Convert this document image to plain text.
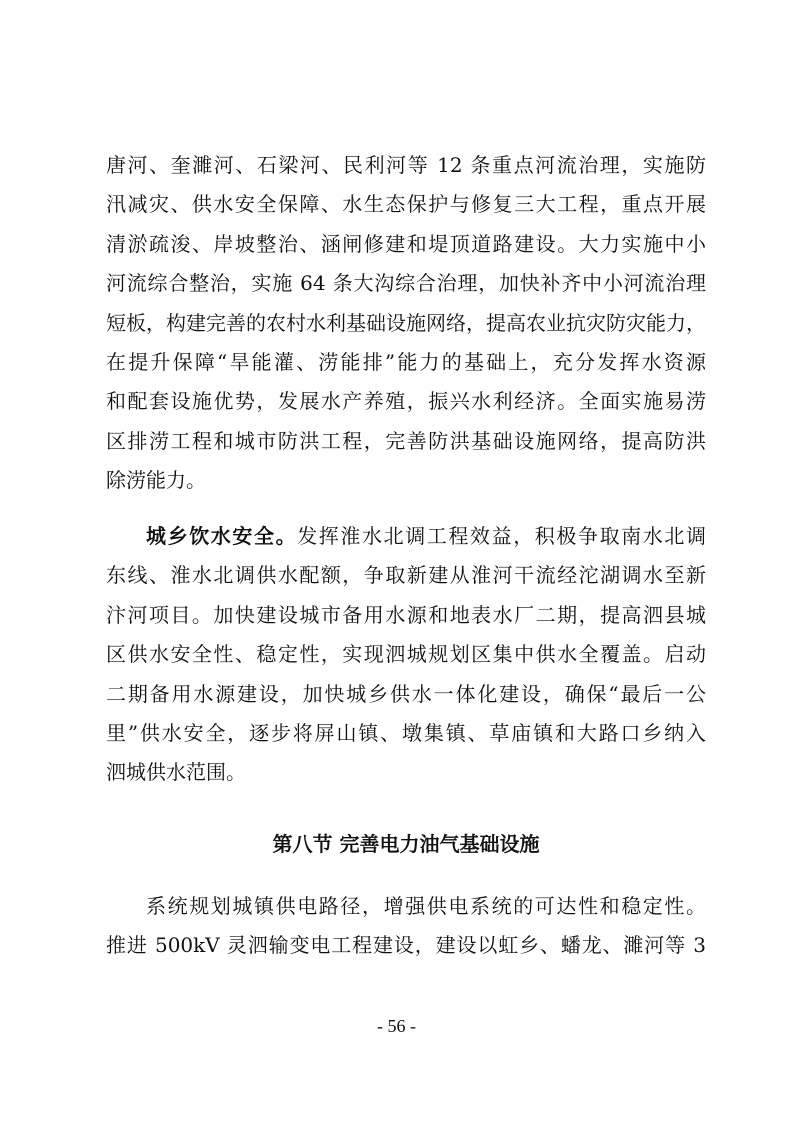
唐河、奎濉河、石梁河、民利河等 12 条重点河流治理，实施防
汛减灾、供水安全保障、水生态保护与修复三大工程，重点开展
清淤疏浚、岸坡整治、涵闸修建和堤顶道路建设。大力实施中小
河流综合整治，实施 64 条大沟综合治理，加快补齐中小河流治理
短板，构建完善的农村水利基础设施网络，提高农业抗灾防灾能力，
在提升保障“旱能灌、涝能排”能力的基础上，充分发挥水资源
和配套设施优势，发展水产养殖，振兴水利经济。全面实施易涝
区排涝工程和城市防洪工程，完善防洪基础设施网络，提高防洪
除涝能力。
城乡饮水安全。发挥淮水北调工程效益，积极争取南水北调
东线、淮水北调供水配额，争取新建从淮河干流经沱湖调水至新
汴河项目。加快建设城市备用水源和地表水厂二期，提高泗县城
区供水安全性、稳定性，实现泗城规划区集中供水全覆盖。启动
二期备用水源建设，加快城乡供水一体化建设，确保“最后一公
里”供水安全，逐步将屏山镇、墩集镇、草庙镇和大路口乡纳入
泗城供水范围。
第八节 完善电力油气基础设施
系统规划城镇供电路径，增强供电系统的可达性和稳定性。
推进 500kV 灵泗输变电工程建设，建设以虹乡、蟠龙、濉河等 3
- 56 -
